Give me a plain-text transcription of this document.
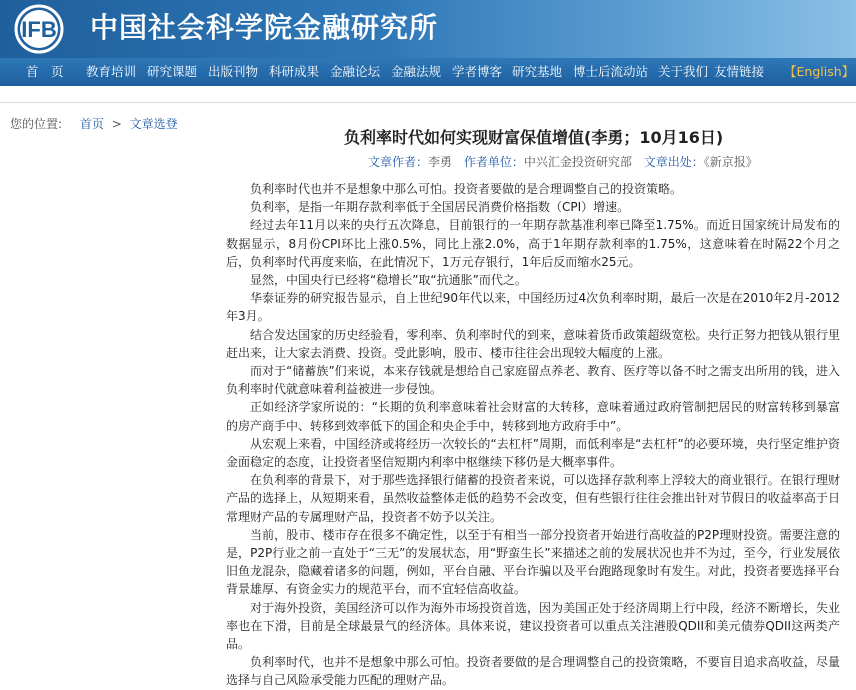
IFB 中国社会科学院金融研究所
首　页 教育培训 研究课题 出版刊物 科研成果 金融论坛 金融法规 学者博客 研究基地 博士后流动站 关于我们 友情链接 【English】
您的位置: 首页 > 文章选登
负利率时代如何实现财富保值增值(李勇；10月16日)
文章作者：李勇 作者单位：中兴汇金投资研究部 文章出处：《新京报》

负利率时代也并不是想象中那么可怕。投资者要做的是合理调整自己的投资策略。

负利率，是指一年期存款利率低于全国居民消费价格指数（CPI）增速。

经过去年11月以来的央行五次降息，目前银行的一年期存款基准利率已降至1.75%。而近日国家统计局发布的数据显示，8月份CPI环比上涨0.5%，同比上涨2.0%，高于1年期存款利率的1.75%，这意味着在时隔22个月之后，负利率时代再度来临，在此情况下，1万元存银行，1年后反而缩水25元。

显然，中国央行已经将“稳增长”取“抗通胀”而代之。

华泰证券的研究报告显示，自上世纪90年代以来，中国经历过4次负利率时期，最后一次是在2010年2月-2012年3月。

结合发达国家的历史经验看，零利率、负利率时代的到来，意味着货币政策超级宽松。央行正努力把钱从银行里赶出来，让大家去消费、投资。受此影响，股市、楼市往往会出现较大幅度的上涨。

而对于“储蓄族”们来说，本来存钱就是想给自己家庭留点养老、教育、医疗等以备不时之需支出所用的钱，进入负利率时代就意味着利益被进一步侵蚀。

正如经济学家所说的：“长期的负利率意味着社会财富的大转移，意味着通过政府管制把居民的财富转移到暴富的房产商手中、转移到效率低下的国企和央企手中，转移到地方政府手中”。

从宏观上来看，中国经济或将经历一次较长的“去杠杆”周期，而低利率是“去杠杆”的必要环境，央行坚定维护资金面稳定的态度，让投资者坚信短期内利率中枢继续下移仍是大概率事件。

在负利率的背景下，对于那些选择银行储蓄的投资者来说，可以选择存款利率上浮较大的商业银行。在银行理财产品的选择上，从短期来看，虽然收益整体走低的趋势不会改变，但有些银行往往会推出针对节假日的收益率高于日常理财产品的专属理财产品，投资者不妨予以关注。

当前，股市、楼市存在很多不确定性，以至于有相当一部分投资者开始进行高收益的P2P理财投资。需要注意的是，P2P行业之前一直处于“三无”的发展状态，用“野蛮生长”来描述之前的发展状况也并不为过，至今，行业发展依旧鱼龙混杂，隐藏着诸多的问题，例如，平台自融、平台诈骗以及平台跑路现象时有发生。对此，投资者要选择平台背景雄厚、有资金实力的规范平台，而不宜轻信高收益。

对于海外投资，美国经济可以作为海外市场投资首选，因为美国正处于经济周期上行中段，经济不断增长，失业率也在下滑，目前是全球最景气的经济体。具体来说，建议投资者可以重点关注港股QDII和美元债券QDII这两类产品。

负利率时代，也并不是想象中那么可怕。投资者要做的是合理调整自己的投资策略，不要盲目追求高收益，尽量选择与自己风险承受能力匹配的理财产品。
